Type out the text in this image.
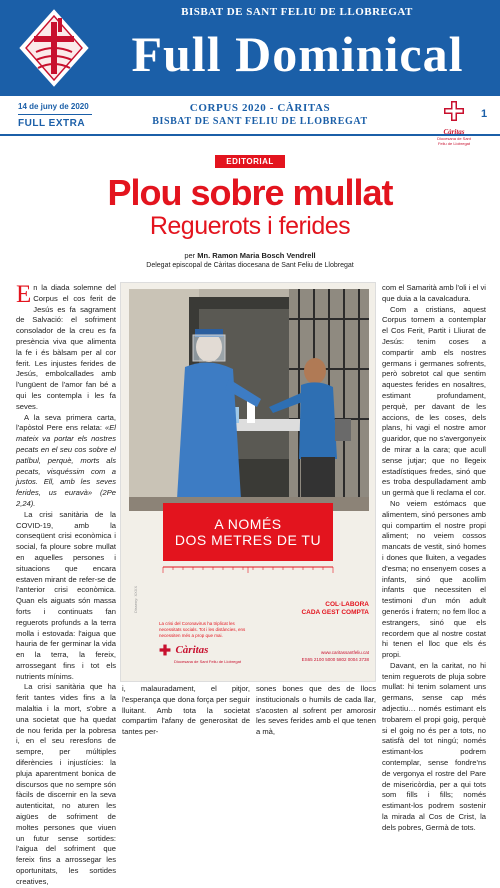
BISBAT DE SANT FELIU DE LLOBREGAT
Full Dominical
14 de juny de 2020
FULL EXTRA
CORPUS 2020 - CÀRITAS
BISBAT DE SANT FELIU DE LLOBREGAT
Càritas
Diocesana de Sant Feliu de Llobregat
1
EDITORIAL
Plou sobre mullat
Reguerots i ferides
per Mn. Ramon Maria Bosch Vendrell
Delegat episcopal de Càritas diocesana de Sant Feliu de Llobregat

En la diada solemne del Corpus el cos ferit de Jesús es fa sagrament de Salvació: el sofriment consolador de la creu es fa presència viva que alimenta la fe i és bàlsam per al cor ferit. Les injustes ferides de Jesús, embolcallades amb l'ungüent de l'amor fan bé a qui les contempla i les fa seves.

A la seva primera carta, l'apòstol Pere ens relata: «El mateix va portar els nostres pecats en el seu cos sobre el patíbul, perquè, morts als pecats, visquéssim com a justos. Ell, amb les seves ferides, us euravà» (2Pe 2,24).

La crisi sanitària de la COVID-19, amb la conseqüent crisi econòmica i social, fa ploure sobre mullat en aquelles persones i situacions que encara estaven mirant de refer-se de l'anterior crisi econòmica. Quan els aiguats són massa forts i continuats fan reguerots profunds a la terra molla i estovada: l'aigua que hauria de fer germinar la vida en la terra, la fereix, arrossegant fins i tot els nutrients mínims.

La crisi sanitària que ha ferit tantes vides fins a la malaltia i la mort, s'obre a una societat que ha quedat de nou ferida per la pobresa i, en el seu reresfons de sempre, per múltiples diferències i injustícies: la pluja aparentment bonica de discursos que no sempre són fàcils de discernir en la seva autenticitat, no aturen les aigües de sofriment de moltes persones que viuen un futur sense sortides: l'aigua del sofriment que fereix fins a arrossegar les oportunitats, les sortides creatives,

A NOMÉS
DOS METRES DE TU
COL·LABORA
CADA GEST COMPTA
La crisi del Coronavirus ha triplicat les necessitats socials. Tot i les distàncies, ens necessiten més a prop que mai.
Càritas
Diocesana de Sant Feliu de Llobregat
www.caritassantfeliu.cat
ES65 2100 5000 5802 0004 3738
Disseny: XXXX
i, malauradament, el pitjor, l'esperança que dona força per seguir lluitant. Amb tota la societat compartim l'afany de generositat de tantes per-
sones bones que des de llocs institucionals o humils de cada llar, s'acosten al sofrent per amorosir les seves ferides amb el que tenen a mà,

com el Samarità amb l'oli i el vi que duia a la cavalcadura.

Com a cristians, aquest Corpus tornem a contemplar el Cos Ferit, Partit i Lliurat de Jesús: tenim coses a compartir amb els nostres germans i germanes sofrents, però sobretot cal que sentim aquestes ferides en nosaltres, estimant profundament, perquè, per davant de les accions, de les coses, dels plans, hi vagi el nostre amor guaridor, que no s'avergonyeix de mirar a la cara; que acull sense jutjar; que no llegeix estadístiques fredes, sinó que es troba despulladament amb un germà que li reclama el cor.

No veiem estómacs que alimentem, sinó persones amb qui compartim el nostre propi aliment; no veiem cossos mancats de vestit, sinó homes i dones que lluiten, a vegades d'esma; no ensenyem coses a infants, sinó que acollim infants que necessiten el testimoni d'un món adult generós i fratern; no fem lloc a estrangers, sinó que els recordem que al nostre costat hi tenen el lloc que els és propi.

Davant, en la caritat, no hi tenim reguerots de pluja sobre mullat: hi tenim solament uns germans, sense cap més adjectiu… només estimant els trobarem el propi goig, perquè si el goig no és per a tots, no satisfà del tot ningú; només estimant-los podrem contemplar, sense fondre'ns de vergonya el rostre del Pare de misericòrdia, per a qui tots som fills i fills; només estimant-los podrem sostenir la mirada al Cos de Crist, la dels pobres, Germà de tots.
